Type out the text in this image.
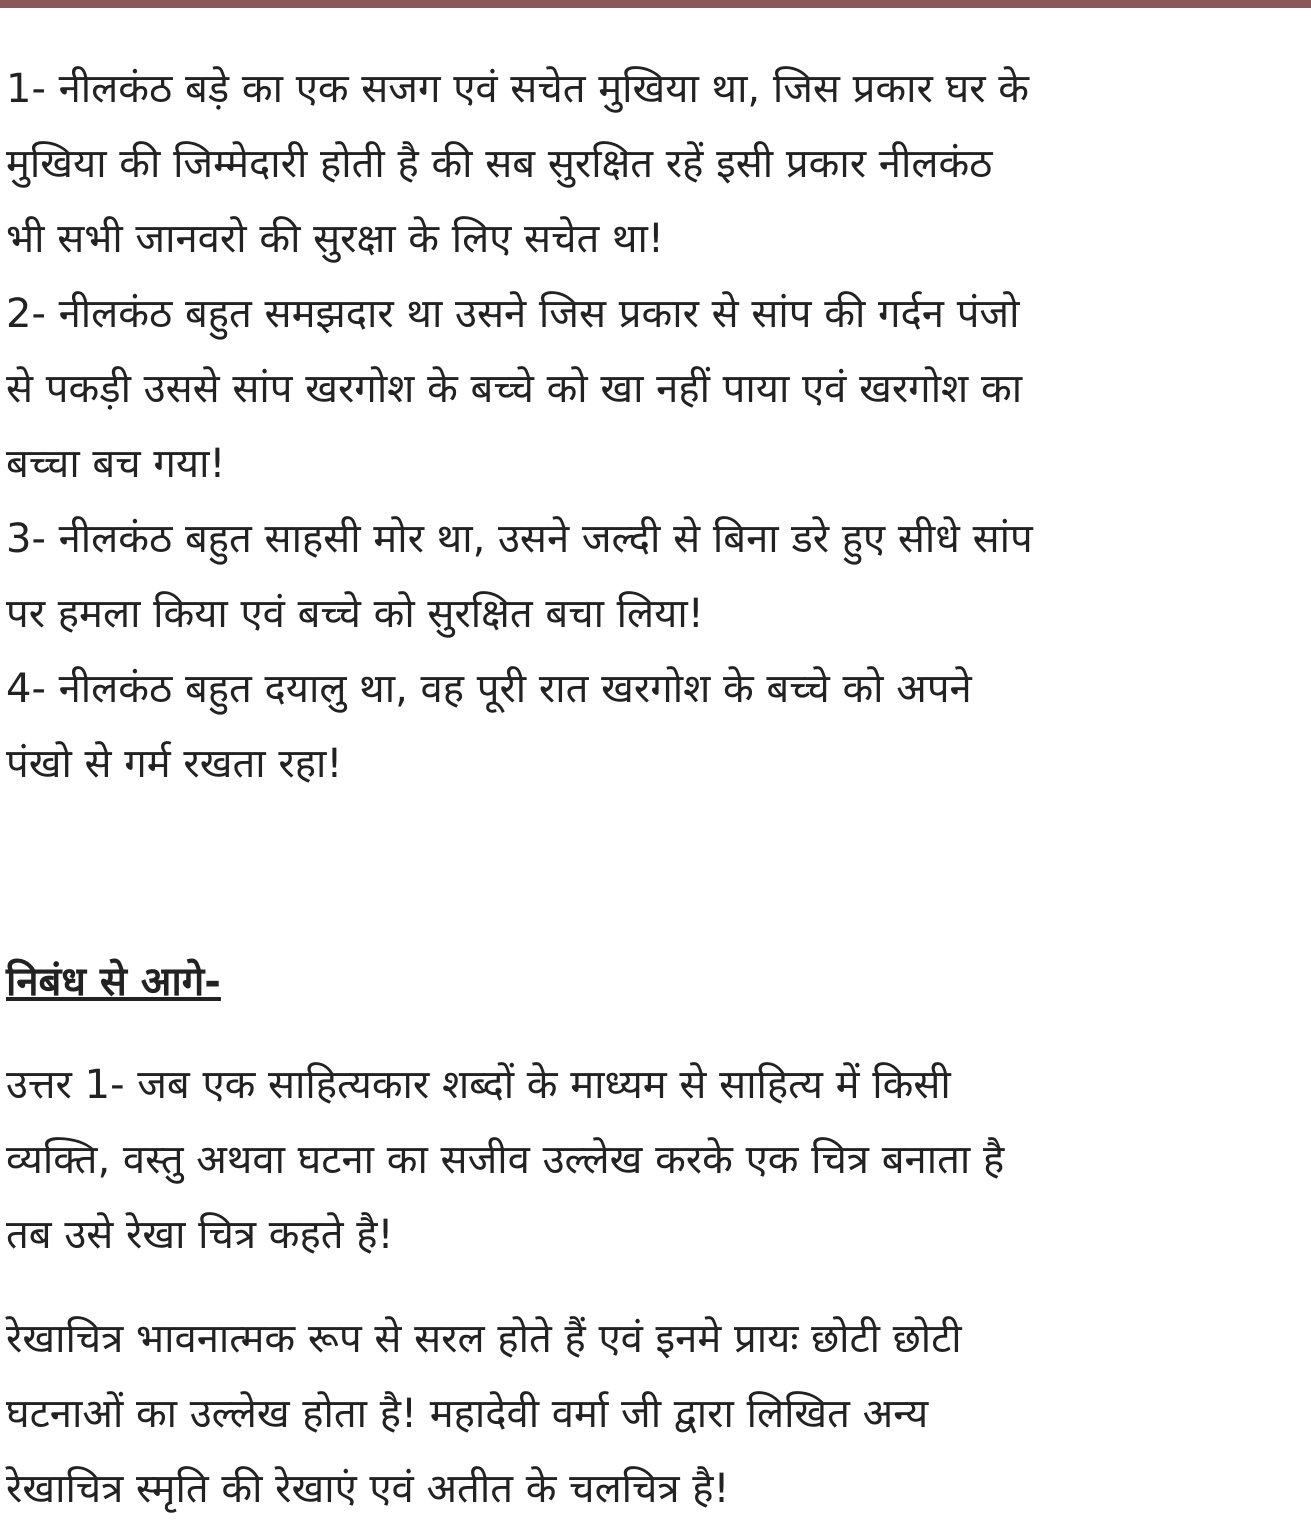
1- नीलकंठ बड़े का एक सजग एवं सचेत मुखिया था, जिस प्रकार घर के
मुखिया की जिम्मेदारी होती है की सब सुरक्षित रहें इसी प्रकार नीलकंठ
भी सभी जानवरो की सुरक्षा के लिए सचेत था!
2- नीलकंठ बहुत समझदार था उसने जिस प्रकार से सांप की गर्दन पंजो
से पकड़ी उससे सांप खरगोश के बच्चे को खा नहीं पाया एवं खरगोश का
बच्चा बच गया!
3- नीलकंठ बहुत साहसी मोर था, उसने जल्दी से बिना डरे हुए सीधे सांप
पर हमला किया एवं बच्चे को सुरक्षित बचा लिया!
4- नीलकंठ बहुत दयालु था, वह पूरी रात खरगोश के बच्चे को अपने
पंखो से गर्म रखता रहा!
निबंध से आगे-
उत्तर 1- जब एक साहित्यकार शब्दों के माध्यम से साहित्य में किसी
व्यक्ति, वस्तु अथवा घटना का सजीव उल्लेख करके एक चित्र बनाता है
तब उसे रेखा चित्र कहते है!
रेखाचित्र भावनात्मक रूप से सरल होते हैं एवं इनमे प्रायः छोटी छोटी
घटनाओं का उल्लेख होता है! महादेवी वर्मा जी द्वारा लिखित अन्य
रेखाचित्र स्मृति की रेखाएं एवं अतीत के चलचित्र है!
